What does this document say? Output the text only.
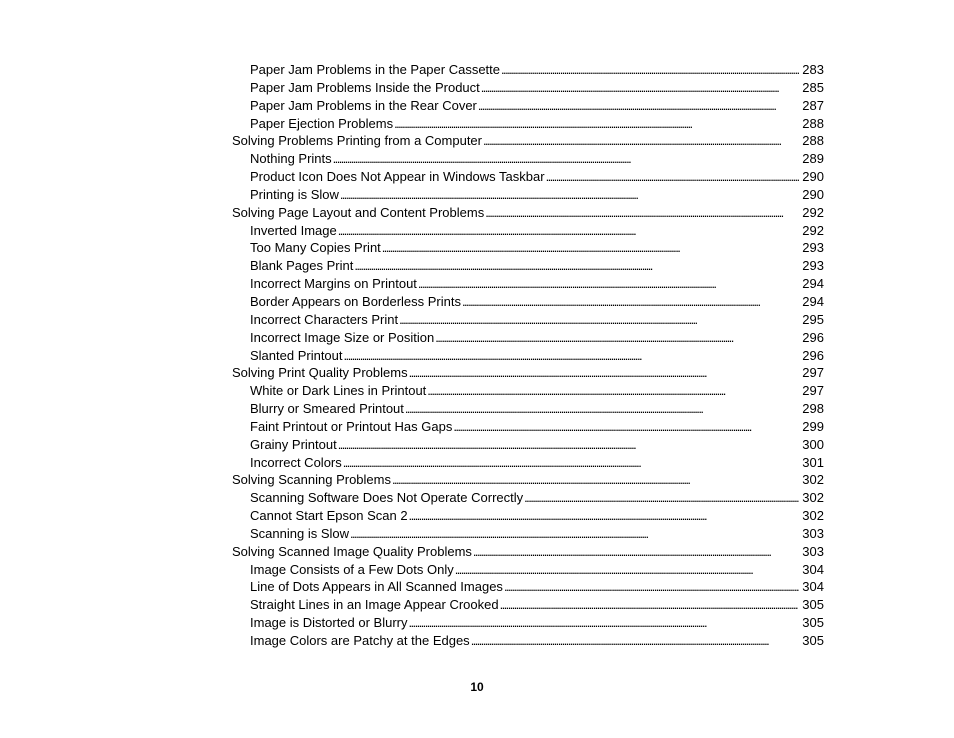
Paper Jam Problems in the Paper Cassette . . .	283
Paper Jam Problems Inside the Product . . .	285
Paper Jam Problems in the Rear Cover . . .	287
Paper Ejection Problems . . .	288
Solving Problems Printing from a Computer . . .	288
Nothing Prints . . .	289
Product Icon Does Not Appear in Windows Taskbar . . .	290
Printing is Slow . . .	290
Solving Page Layout and Content Problems . . .	292
Inverted Image . . .	292
Too Many Copies Print . . .	293
Blank Pages Print . . .	293
Incorrect Margins on Printout . . .	294
Border Appears on Borderless Prints . . .	294
Incorrect Characters Print . . .	295
Incorrect Image Size or Position . . .	296
Slanted Printout . . .	296
Solving Print Quality Problems . . .	297
White or Dark Lines in Printout . . .	297
Blurry or Smeared Printout . . .	298
Faint Printout or Printout Has Gaps . . .	299
Grainy Printout . . .	300
Incorrect Colors . . .	301
Solving Scanning Problems . . .	302
Scanning Software Does Not Operate Correctly . . .	302
Cannot Start Epson Scan 2 . . .	302
Scanning is Slow . . .	303
Solving Scanned Image Quality Problems . . .	303
Image Consists of a Few Dots Only . . .	304
Line of Dots Appears in All Scanned Images . . .	304
Straight Lines in an Image Appear Crooked . . .	305
Image is Distorted or Blurry . . .	305
Image Colors are Patchy at the Edges . . .	305
10
